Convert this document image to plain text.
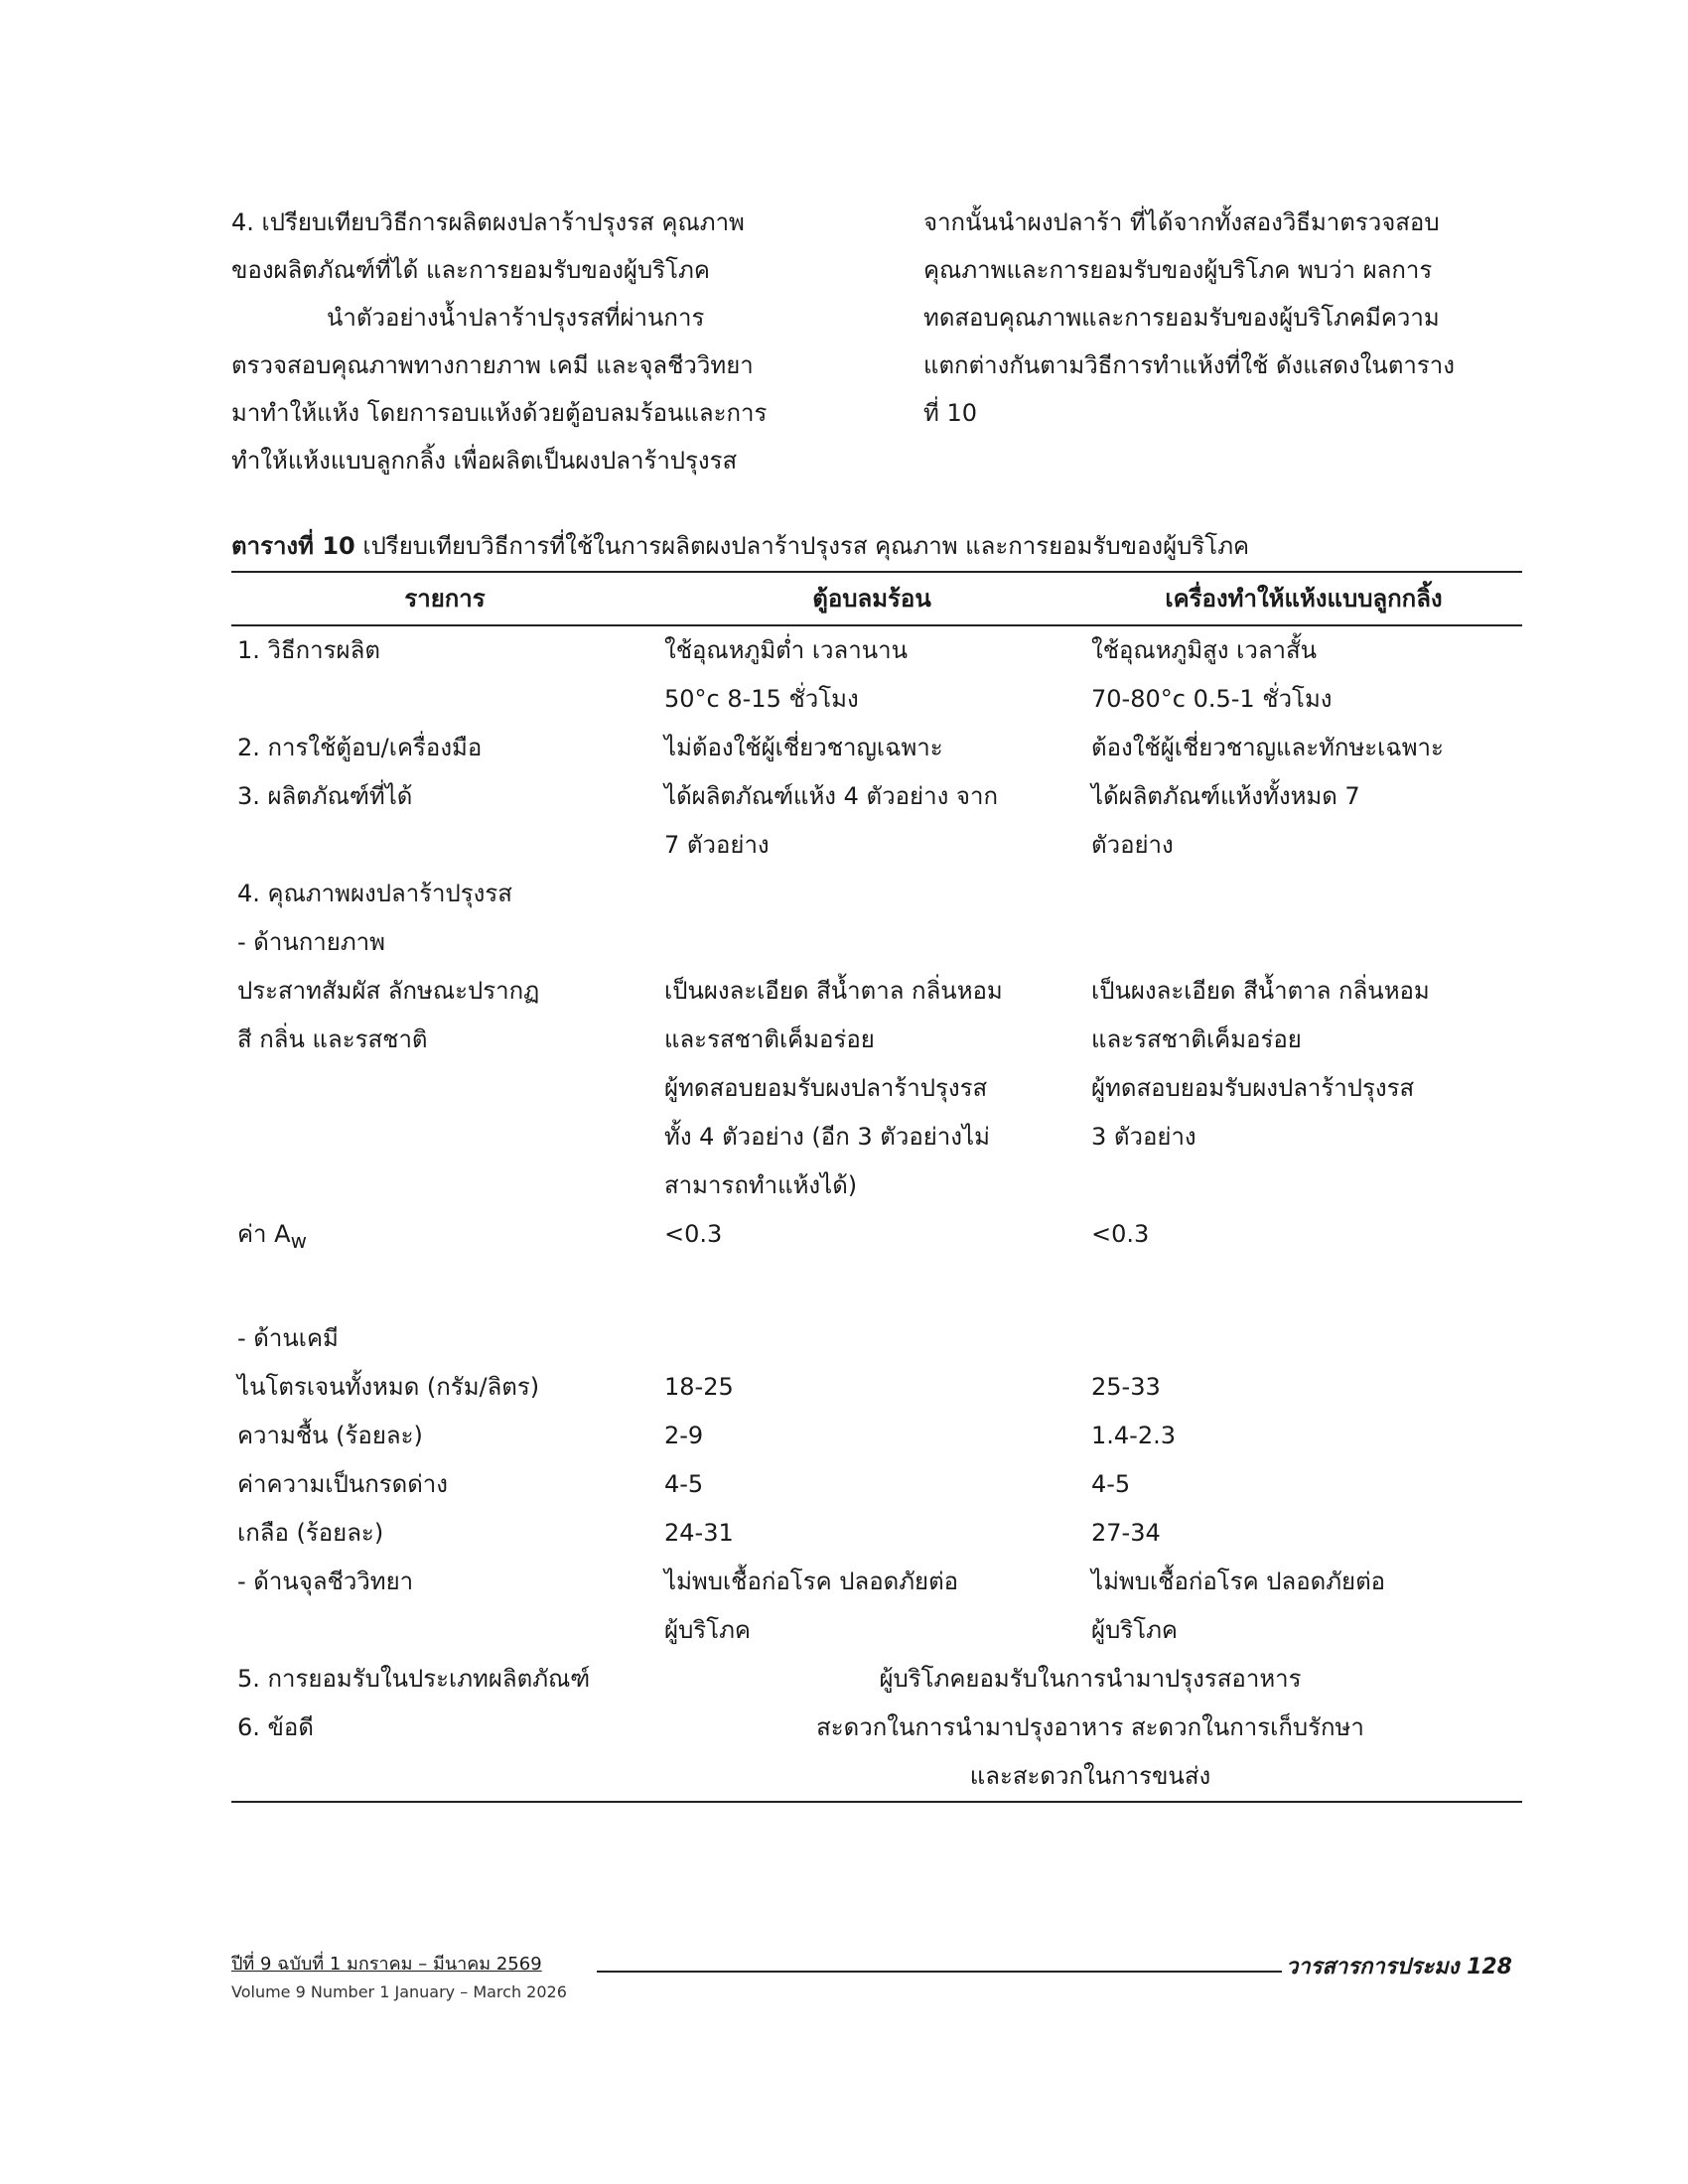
4. เปรียบเทียบวิธีการผลิตผงปลาร้าปรุงรส คุณภาพ

ของผลิตภัณฑ์ที่ได้ และการยอมรับของผู้บริโภค

นำตัวอย่างน้ำปลาร้าปรุงรสที่ผ่านการ

ตรวจสอบคุณภาพทางกายภาพ เคมี และจุลชีววิทยา

มาทำให้แห้ง โดยการอบแห้งด้วยตู้อบลมร้อนและการ

ทำให้แห้งแบบลูกกลิ้ง เพื่อผลิตเป็นผงปลาร้าปรุงรส

จากนั้นนำผงปลาร้า ที่ได้จากทั้งสองวิธีมาตรวจสอบ

คุณภาพและการยอมรับของผู้บริโภค พบว่า ผลการ

ทดสอบคุณภาพและการยอมรับของผู้บริโภคมีความ

แตกต่างกันตามวิธีการทำแห้งที่ใช้ ดังแสดงในตาราง

ที่ 10

ตารางที่ 10 เปรียบเทียบวิธีการที่ใช้ในการผลิตผงปลาร้าปรุงรส คุณภาพ และการยอมรับของผู้บริโภค
รายการ	ตู้อบลมร้อน	เครื่องทำให้แห้งแบบลูกกลิ้ง
1. วิธีการผลิต	ใช้อุณหภูมิต่ำ เวลานาน	ใช้อุณหภูมิสูง เวลาสั้น
	50°c 8-15 ชั่วโมง	70-80°c 0.5-1 ชั่วโมง
2. การใช้ตู้อบ/เครื่องมือ	ไม่ต้องใช้ผู้เชี่ยวชาญเฉพาะ	ต้องใช้ผู้เชี่ยวชาญและทักษะเฉพาะ
3. ผลิตภัณฑ์ที่ได้	ได้ผลิตภัณฑ์แห้ง 4 ตัวอย่าง จาก	ได้ผลิตภัณฑ์แห้งทั้งหมด 7
	7 ตัวอย่าง	ตัวอย่าง
4. คุณภาพผงปลาร้าปรุงรส		
- ด้านกายภาพ		
ประสาทสัมผัส ลักษณะปรากฏ	เป็นผงละเอียด สีน้ำตาล กลิ่นหอม	เป็นผงละเอียด สีน้ำตาล กลิ่นหอม
สี กลิ่น และรสชาติ	และรสชาติเค็มอร่อย	และรสชาติเค็มอร่อย
	ผู้ทดสอบยอมรับผงปลาร้าปรุงรส	ผู้ทดสอบยอมรับผงปลาร้าปรุงรส
	ทั้ง 4 ตัวอย่าง (อีก 3 ตัวอย่างไม่	3 ตัวอย่าง
	สามารถทำแห้งได้)	
ค่า $A_w$	<0.3	<0.3

- ด้านเคมี		
ไนโตรเจนทั้งหมด (กรัม/ลิตร)	18-25	25-33
ความชื้น (ร้อยละ)	2-9	1.4-2.3
ค่าความเป็นกรดด่าง	4-5	4-5
เกลือ (ร้อยละ)	24-31	27-34
- ด้านจุลชีววิทยา	ไม่พบเชื้อก่อโรค ปลอดภัยต่อ	ไม่พบเชื้อก่อโรค ปลอดภัยต่อ
	ผู้บริโภค	ผู้บริโภค
5. การยอมรับในประเภทผลิตภัณฑ์	ผู้บริโภคยอมรับในการนำมาปรุงรสอาหาร	
6. ข้อดี	สะดวกในการนำมาปรุงอาหาร สะดวกในการเก็บรักษา	
	และสะดวกในการขนส่ง	
ปีที่ 9 ฉบับที่ 1 มกราคม – มีนาคม 2569
Volume 9 Number 1 January – March 2026
วารสารการประมง 128
